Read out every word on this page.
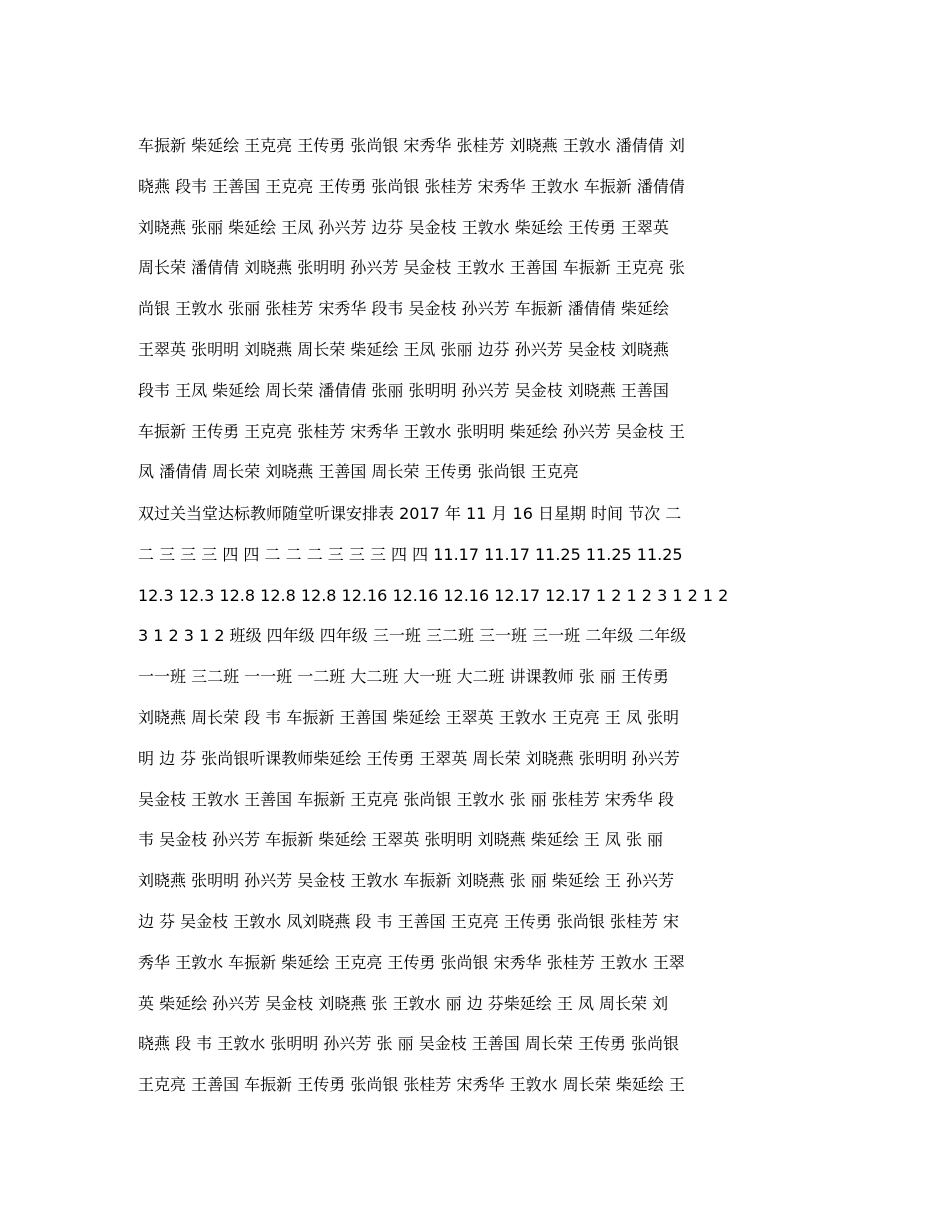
车振新 柴延绘 王克亮 王传勇 张尚银 宋秀华 张桂芳 刘晓燕 王敦水 潘倩倩 刘
晓燕 段韦 王善国 王克亮 王传勇 张尚银 张桂芳 宋秀华 王敦水 车振新 潘倩倩
刘晓燕 张丽 柴延绘 王凤 孙兴芳 边芬 吴金枝 王敦水 柴延绘 王传勇 王翠英
周长荣 潘倩倩 刘晓燕 张明明 孙兴芳 吴金枝 王敦水 王善国 车振新 王克亮 张
尚银 王敦水 张丽 张桂芳 宋秀华 段韦 吴金枝 孙兴芳 车振新 潘倩倩 柴延绘
王翠英 张明明 刘晓燕 周长荣 柴延绘 王凤 张丽 边芬 孙兴芳 吴金枝 刘晓燕
段韦 王凤 柴延绘 周长荣 潘倩倩 张丽 张明明 孙兴芳 吴金枝 刘晓燕 王善国
车振新 王传勇 王克亮 张桂芳 宋秀华 王敦水 张明明 柴延绘 孙兴芳 吴金枝 王
凤 潘倩倩 周长荣 刘晓燕 王善国 周长荣 王传勇 张尚银 王克亮
双过关当堂达标教师随堂听课安排表 2017 年 11 月 16 日星期 时间 节次 二
二 三 三 三 四 四 二 二 二 三 三 三 四 四 11.17 11.17 11.25 11.25 11.25
12.3 12.3 12.8 12.8 12.8 12.16 12.16 12.16 12.17 12.17 1 2 1 2 3 1 2 1 2
3 1 2 3 1 2 班级 四年级 四年级 三一班 三二班 三一班 三一班 二年级 二年级
一一班 三二班 一一班 一二班 大二班 大一班 大二班 讲课教师 张 丽 王传勇
刘晓燕 周长荣 段 韦 车振新 王善国 柴延绘 王翠英 王敦水 王克亮 王 凤 张明
明 边 芬 张尚银听课教师柴延绘 王传勇 王翠英 周长荣 刘晓燕 张明明 孙兴芳
吴金枝 王敦水 王善国 车振新 王克亮 张尚银 王敦水 张 丽 张桂芳 宋秀华 段
韦 吴金枝 孙兴芳 车振新 柴延绘 王翠英 张明明 刘晓燕 柴延绘 王 凤 张 丽
刘晓燕 张明明 孙兴芳 吴金枝 王敦水 车振新 刘晓燕 张 丽 柴延绘 王 孙兴芳
边 芬 吴金枝 王敦水 凤刘晓燕 段 韦 王善国 王克亮 王传勇 张尚银 张桂芳 宋
秀华 王敦水 车振新 柴延绘 王克亮 王传勇 张尚银 宋秀华 张桂芳 王敦水 王翠
英 柴延绘 孙兴芳 吴金枝 刘晓燕 张 王敦水 丽 边 芬柴延绘 王 凤 周长荣 刘
晓燕 段 韦 王敦水 张明明 孙兴芳 张 丽 吴金枝 王善国 周长荣 王传勇 张尚银
王克亮 王善国 车振新 王传勇 张尚银 张桂芳 宋秀华 王敦水 周长荣 柴延绘 王
